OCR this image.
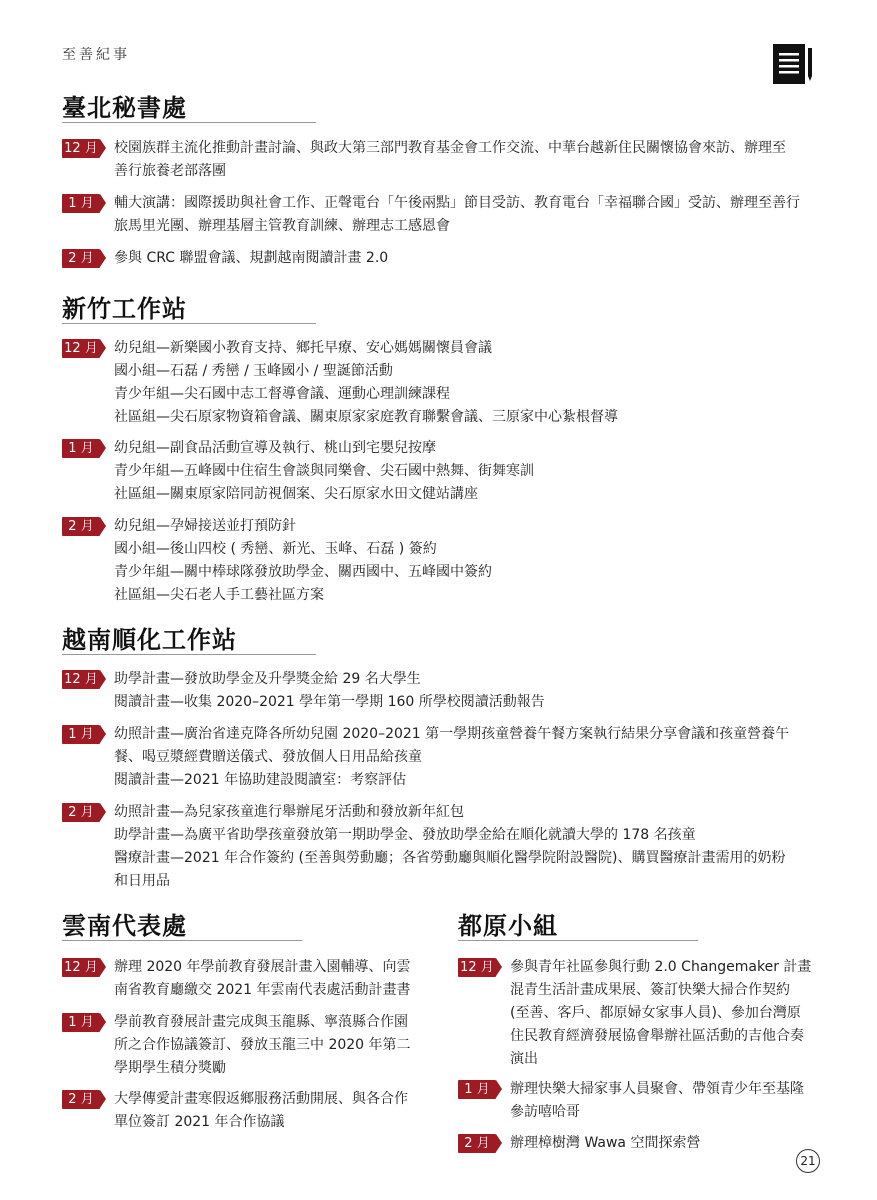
至善紀事
臺北秘書處
12 月 校園族群主流化推動計畫討論、與政大第三部門教育基金會工作交流、中華台越新住民關懷協會來訪、辦理至
善行旅養老部落團
1 月	輔大演講：國際援助與社會工作、正聲電台「午後兩點」節目受訪、教育電台「幸福聯合國」受訪、辦理至善行
旅馬里光團、辦理基層主管教育訓練、辦理志工感恩會
2 月	參與 CRC 聯盟會議、規劃越南閱讀計畫 2.0
新竹工作站
12 月 幼兒組—新樂國小教育支持、鄉托早療、安心媽媽關懷員會議
國小組—石磊 / 秀巒 / 玉峰國小 / 聖誕節活動
青少年組—尖石國中志工督導會議、運動心理訓練課程
社區組—尖石原家物資箱會議、關東原家家庭教育聯繫會議、三原家中心紮根督導
1 月	幼兒組—副食品活動宣導及執行、桃山到宅嬰兒按摩
青少年組—五峰國中住宿生會談與同樂會、尖石國中熱舞、街舞寒訓
社區組—關東原家陪同訪視個案、尖石原家水田文健站講座
2 月	幼兒組—孕婦接送並打預防針
國小組—後山四校 ( 秀巒、新光、玉峰、石磊 ) 簽約
青少年組—關中棒球隊發放助學金、關西國中、五峰國中簽約
社區組—尖石老人手工藝社區方案
越南順化工作站
12 月 助學計畫—發放助學金及升學獎金給 29 名大學生
閱讀計畫—收集 2020–2021 學年第一學期 160 所學校閱讀活動報告
1 月	幼照計畫—廣治省達克降各所幼兒園 2020–2021 第一學期孩童營養午餐方案執行結果分享會議和孩童營養午
餐、喝豆漿經費贈送儀式、發放個人日用品給孩童
閱讀計畫—2021 年協助建設閱讀室：考察評估
2 月	幼照計畫—為兒家孩童進行舉辦尾牙活動和發放新年紅包
助學計畫—為廣平省助學孩童發放第一期助學金、發放助學金給在順化就讀大學的 178 名孩童
醫療計畫—2021 年合作簽約 (至善與勞動廳；各省勞動廳與順化醫學院附設醫院)、購買醫療計畫需用的奶粉
和日用品
雲南代表處
12 月 辦理 2020 年學前教育發展計畫入園輔導、向雲
南省教育廳繳交 2021 年雲南代表處活動計畫書
1 月	學前教育發展計畫完成與玉龍縣、寧蒗縣合作園
所之合作協議簽訂、發放玉龍三中 2020 年第二
學期學生積分獎勵
2 月	大學傳愛計畫寒假返鄉服務活動開展、與各合作
單位簽訂 2021 年合作協議
都原小組
12 月 參與青年社區參與行動 2.0 Changemaker 計畫
混青生活計畫成果展、簽訂快樂大掃合作契約
(至善、客戶、都原婦女家事人員)、參加台灣原
住民教育經濟發展協會舉辦社區活動的吉他合奏
演出
1 月	辦理快樂大掃家事人員聚會、帶領青少年至基隆
參訪嘻哈哥
2 月	辦理樟樹灣 Wawa 空間探索營
21
